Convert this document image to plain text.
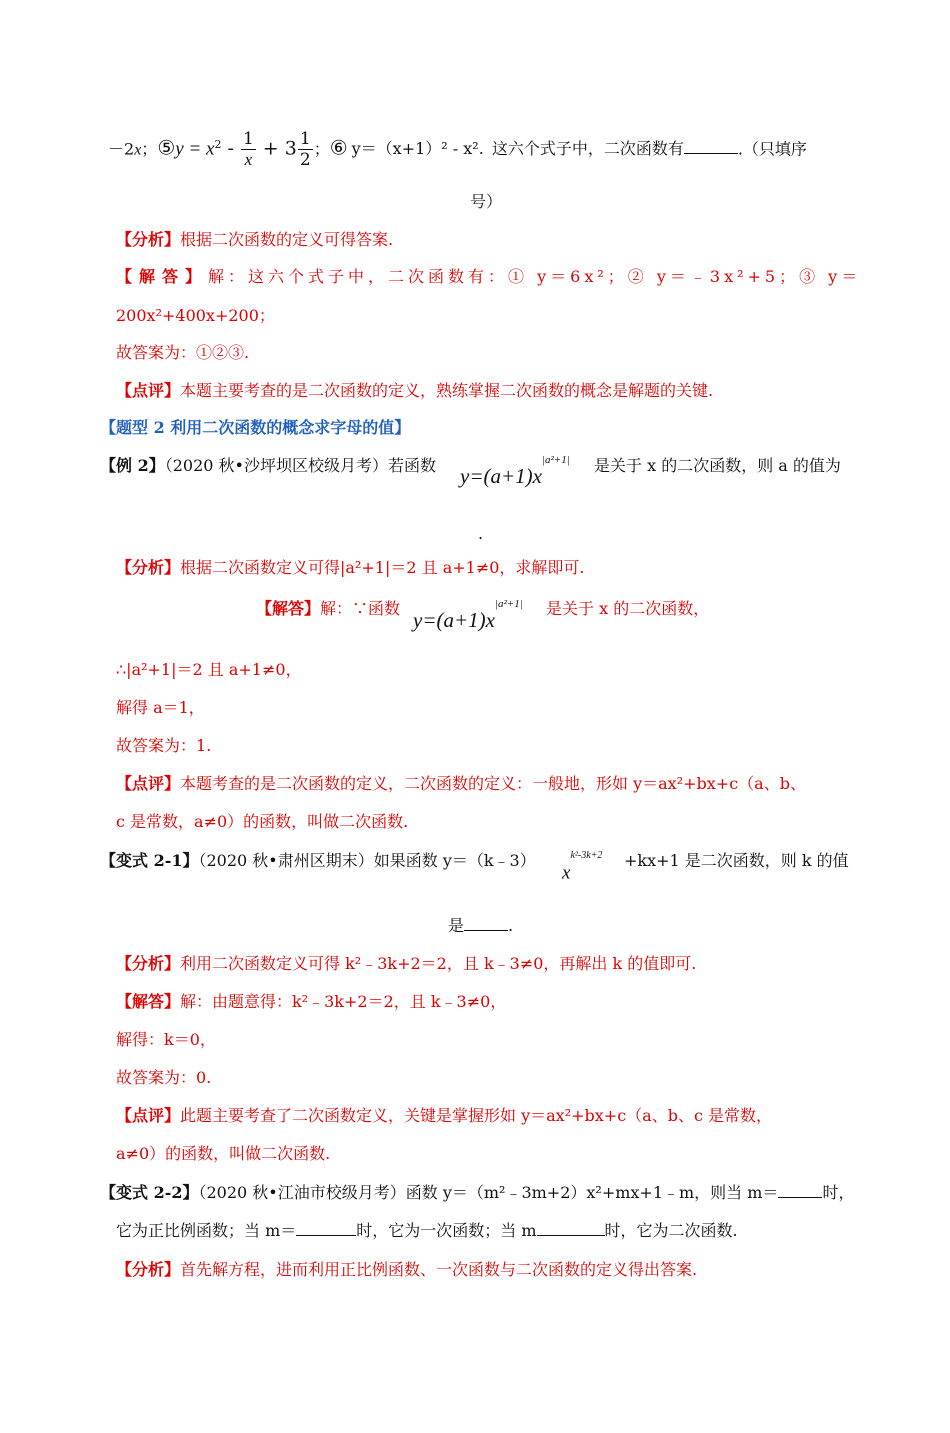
－2x；⑤y = $x^2 - \frac{1}{x} + 3 \frac{1}{2}$ ；⑥ y＝（x+1）² - x². 这六个式子中，二次函数有	.（只填序
号）
【分析】根据二次函数的定义可得答案.
【解答】解：这六个式子中，二次函数有：① y＝6x²；② y＝﹣3x²+5；③ y＝
200x²+400x+200；
故答案为：①②③.
【点评】本题主要考查的是二次函数的定义，熟练掌握二次函数的概念是解题的关键.
【题型 2 利用二次函数的概念求字母的值】
【例 2】（2020 秋•沙坪坝区校级月考）若函数 $y=(a+1)x^{|a^2+1|}$ 是关于 x 的二次函数，则 a 的值为
.
【分析】根据二次函数定义可得|a²+1|＝2 且 a+1≠0，求解即可.
【解答】解：∵函数 $y=(a+1)x^{|a^2+1|}$ 是关于 x 的二次函数，
∴|a²+1|＝2 且 a+1≠0，
解得 a＝1，
故答案为：1.
【点评】本题考查的是二次函数的定义，二次函数的定义：一般地，形如 y＝ax²+bx+c（a、b、
c 是常数，a≠0）的函数，叫做二次函数.
【变式 2-1】（2020 秋•肃州区期末）如果函数 y＝（k﹣3）
$x^{k^2-3k+2} +kx+1$ 是二次函数，则 k 的值
是	.
【分析】利用二次函数定义可得 k²﹣3k+2＝2，且 k﹣3≠0，再解出 k 的值即可.
【解答】解：由题意得：k²﹣3k+2＝2，且 k﹣3≠0，
解得：k＝0，
故答案为：0.
【点评】此题主要考查了二次函数定义，关键是掌握形如 y＝ax²+bx+c（a、b、c 是常数，
a≠0）的函数，叫做二次函数.
【变式 2-2】（2020 秋•江油市校级月考）函数 y＝（m²﹣3m+2）x²+mx+1﹣m，则当 m＝	时，
它为正比例函数；当 m＝	时，它为一次函数；当 m	时，它为二次函数.
【分析】首先解方程，进而利用正比例函数、一次函数与二次函数的定义得出答案.
